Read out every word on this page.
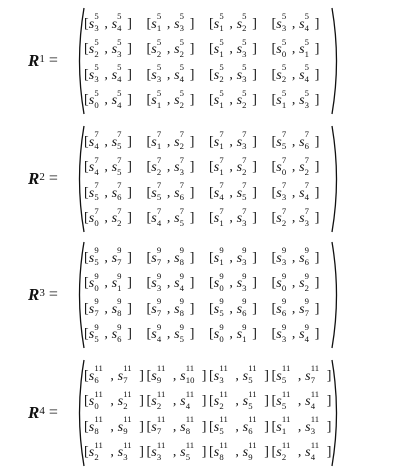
$R^1$ =
[s
5
3 , s
5
4 ]	[s
5
1 , s
5
3 ]	[s
5
1 , s
5
2 ]	[s
5
3 , s
5
4 ]
[s
5
2 , s
5
3 ]	[s
5
2 , s
5
2 ]	[s
5
1 , s
5
3 ]	[s
5
0 , s
5
1 ]
[s
5
3 , s
5
4 ]	[s
5
3 , s
5
4 ]	[s
5
2 , s
5
3 ]	[s
5
2 , s
5
4 ]
[s
5
0 , s
5
4 ]	[s
5
1 , s
5
2 ]	[s
5
1 , s
5
2 ]	[s
5
1 , s
5
3 ]
$R^2$ =
[s
7
4 , s
7
5 ]	[s
7
1 , s
7
2 ]	[s
7
1 , s
7
3 ]	[s
7
5 , s
7
6 ]
[s
7
4 , s
7
5 ]	[s
7
2 , s
7
3 ]	[s
7
1 , s
7
2 ]	[s
7
0 , s
7
2 ]
[s
7
5 , s
7
6 ]	[s
7
5 , s
7
6 ]	[s
7
4 , s
7
5 ]	[s
7
3 , s
7
4 ]
[s
7
0 , s
7
2 ]	[s
7
4 , s
7
5 ]	[s
7
1 , s
7
3 ]	[s
7
2 , s
7
3 ]
$R^3$ =
[s
9
5 , s
9
7 ]	[s
9
7 , s
9
8 ]	[s
9
1 , s
9
3 ]	[s
9
3 , s
9
6 ]
[s
9
0 , s
9
1 ]	[s
9
3 , s
9
4 ]	[s
9
0 , s
9
3 ]	[s
9
0 , s
9
2 ]
[s
9
7 , s
9
8 ]	[s
9
7 , s
9
8 ]	[s
9
5 , s
9
6 ]	[s
9
6 , s
9
7 ]
[s
9
5 , s
9
6 ]	[s
9
4 , s
9
5 ]	[s
9
0 , s
9
1 ]	[s
9
3 , s
9
4 ]
$R^4$ =
[s
11
6 , s
11
7 ] [s
11
9 , s
11
10 ] [s
11
3 , s
11
5 ] [s
11
5 , s
11
7 ]
[s
11
0 , s
11
2 ] [s
11
2 , s
11
4 ] [s
11
2 , s
11
5 ] [s
11
5 , s
11
4 ]
[s
11
8 , s
11
9 ] [s
11
7 , s
11
8 ] [s
11
5 , s
11
6 ] [s
11
1 , s
11
3 ]
[s
11
2 , s
11
3 ] [s
11
3 , s
11
5 ] [s
11
8 , s
11
9 ] [s
11
2 , s
11
4 ]
